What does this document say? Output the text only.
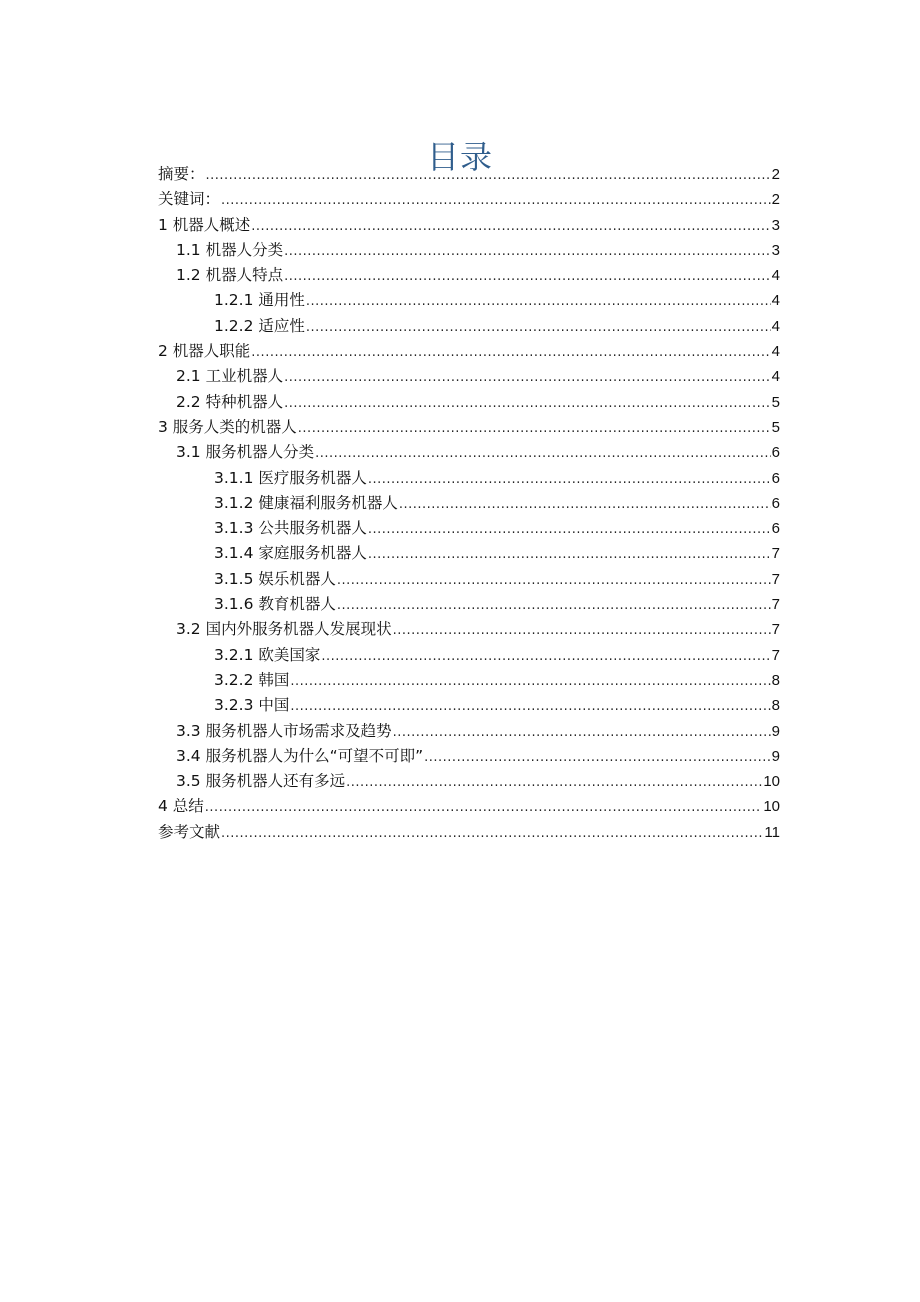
目录
摘要： .....	2
关键词： .....	2
1 机器人概述 .....	3
1.1 机器人分类 .....	3
1.2 机器人特点 .....	4
1.2.1 通用性 .....	4
1.2.2 适应性 .....	4
2 机器人职能 .....	4
2.1 工业机器人 .....	4
2.2 特种机器人 .....	5
3 服务人类的机器人 .....	5
3.1 服务机器人分类 .....	6
3.1.1 医疗服务机器人 .....	6
3.1.2 健康福利服务机器人 .....	6
3.1.3 公共服务机器人 .....	6
3.1.4 家庭服务机器人 .....	7
3.1.5 娱乐机器人 .....	7
3.1.6 教育机器人 .....	7
3.2 国内外服务机器人发展现状 .....	7
3.2.1 欧美国家 .....	7
3.2.2 韩国 .....	8
3.2.3 中国 .....	8
3.3 服务机器人市场需求及趋势 .....	9
3.4 服务机器人为什么“可望不可即” .....	9
3.5 服务机器人还有多远 .....	10
4 总结 .....	10
参考文献 .....	11
